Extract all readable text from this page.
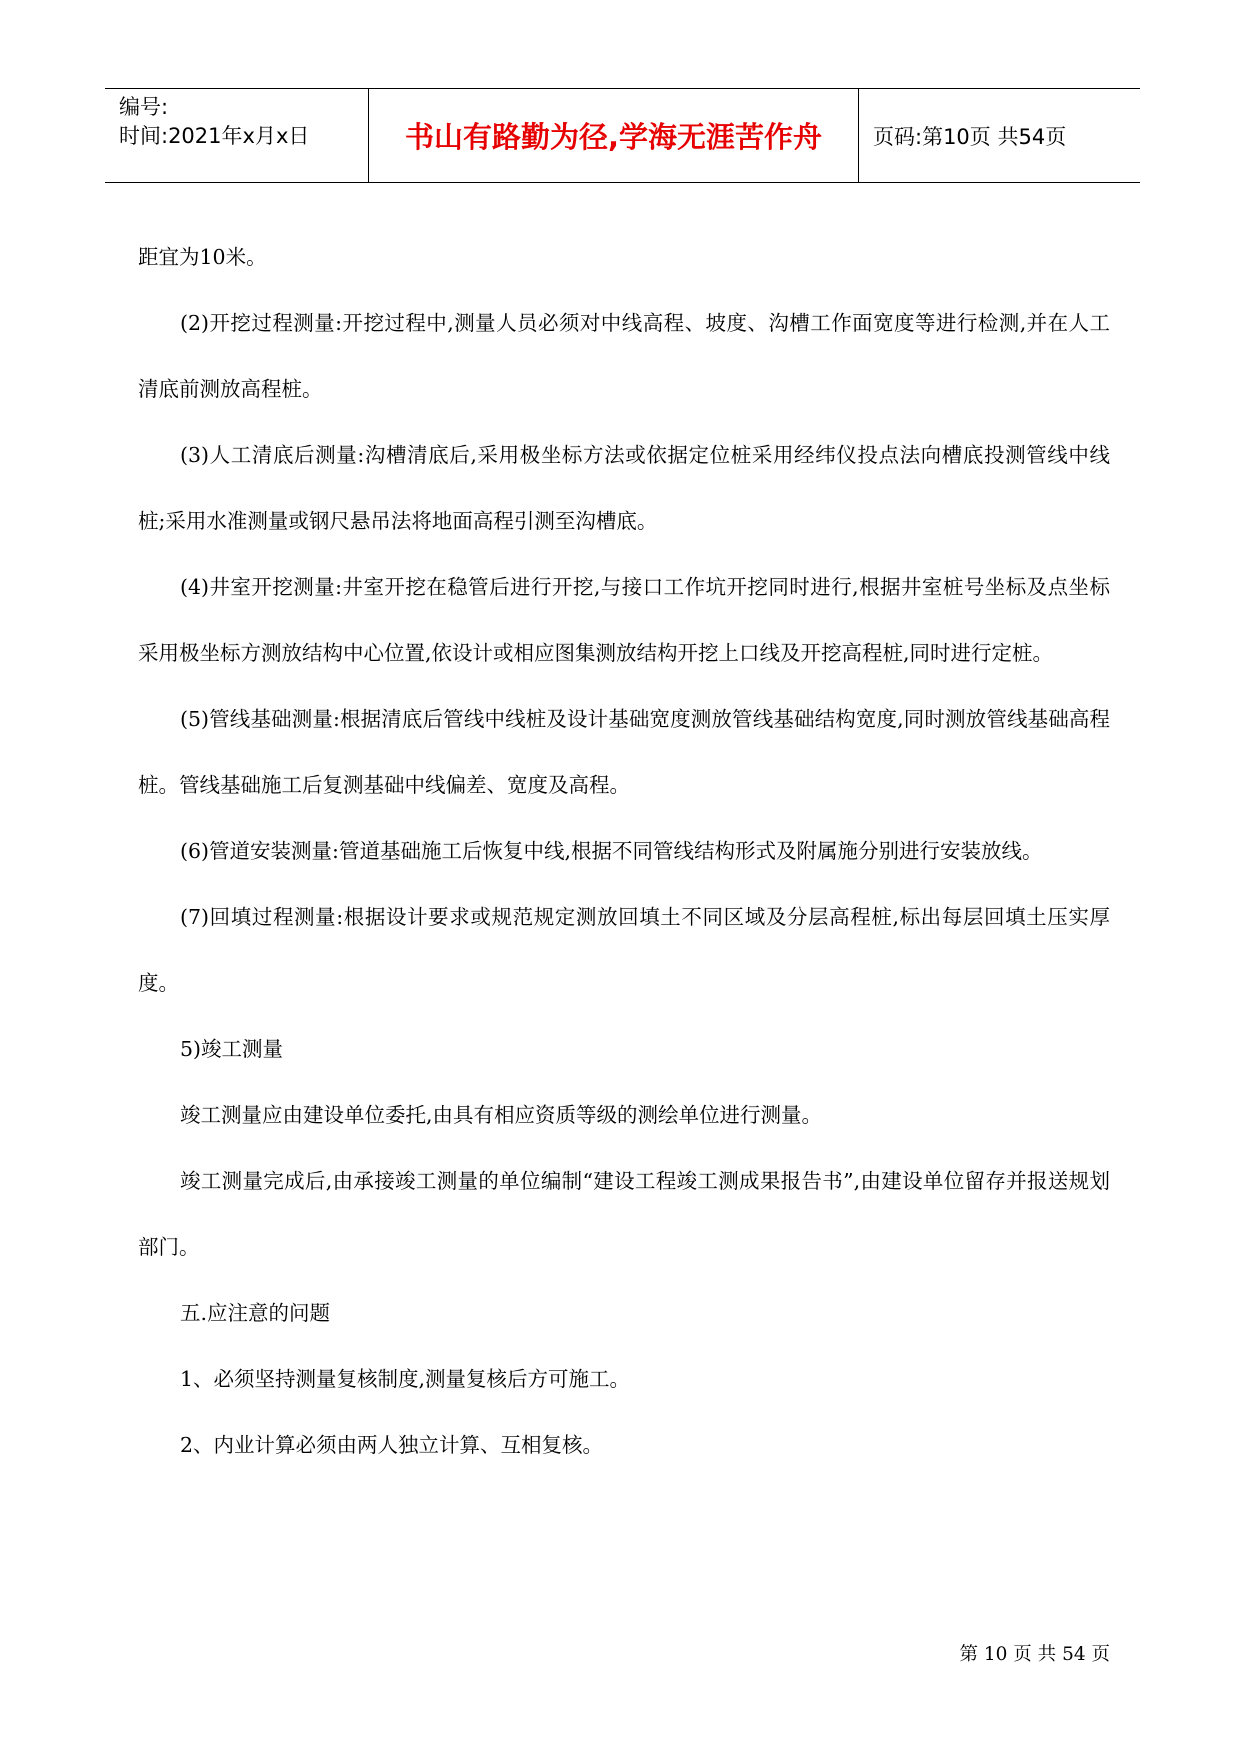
编号:
时间:2021年x月x日	书山有路勤为径,学海无涯苦作舟	页码:第10页 共54页

距宜为10米。

(2)开挖过程测量:开挖过程中,测量人员必须对中线高程、坡度、沟槽工作面宽度等进行检测,并在人工清底前测放高程桩。

(3)人工清底后测量:沟槽清底后,采用极坐标方法或依据定位桩采用经纬仪投点法向槽底投测管线中线桩;采用水准测量或钢尺悬吊法将地面高程引测至沟槽底。

(4)井室开挖测量:井室开挖在稳管后进行开挖,与接口工作坑开挖同时进行,根据井室桩号坐标及点坐标采用极坐标方测放结构中心位置,依设计或相应图集测放结构开挖上口线及开挖高程桩,同时进行定桩。

(5)管线基础测量:根据清底后管线中线桩及设计基础宽度测放管线基础结构宽度,同时测放管线基础高程桩。管线基础施工后复测基础中线偏差、宽度及高程。

(6)管道安装测量:管道基础施工后恢复中线,根据不同管线结构形式及附属施分别进行安装放线。

(7)回填过程测量:根据设计要求或规范规定测放回填土不同区域及分层高程桩,标出每层回填土压实厚度。

5)竣工测量

竣工测量应由建设单位委托,由具有相应资质等级的测绘单位进行测量。

竣工测量完成后,由承接竣工测量的单位编制“建设工程竣工测成果报告书”,由建设单位留存并报送规划部门。

五.应注意的问题

1、必须坚持测量复核制度,测量复核后方可施工。

2、内业计算必须由两人独立计算、互相复核。

第 10 页 共 54 页
